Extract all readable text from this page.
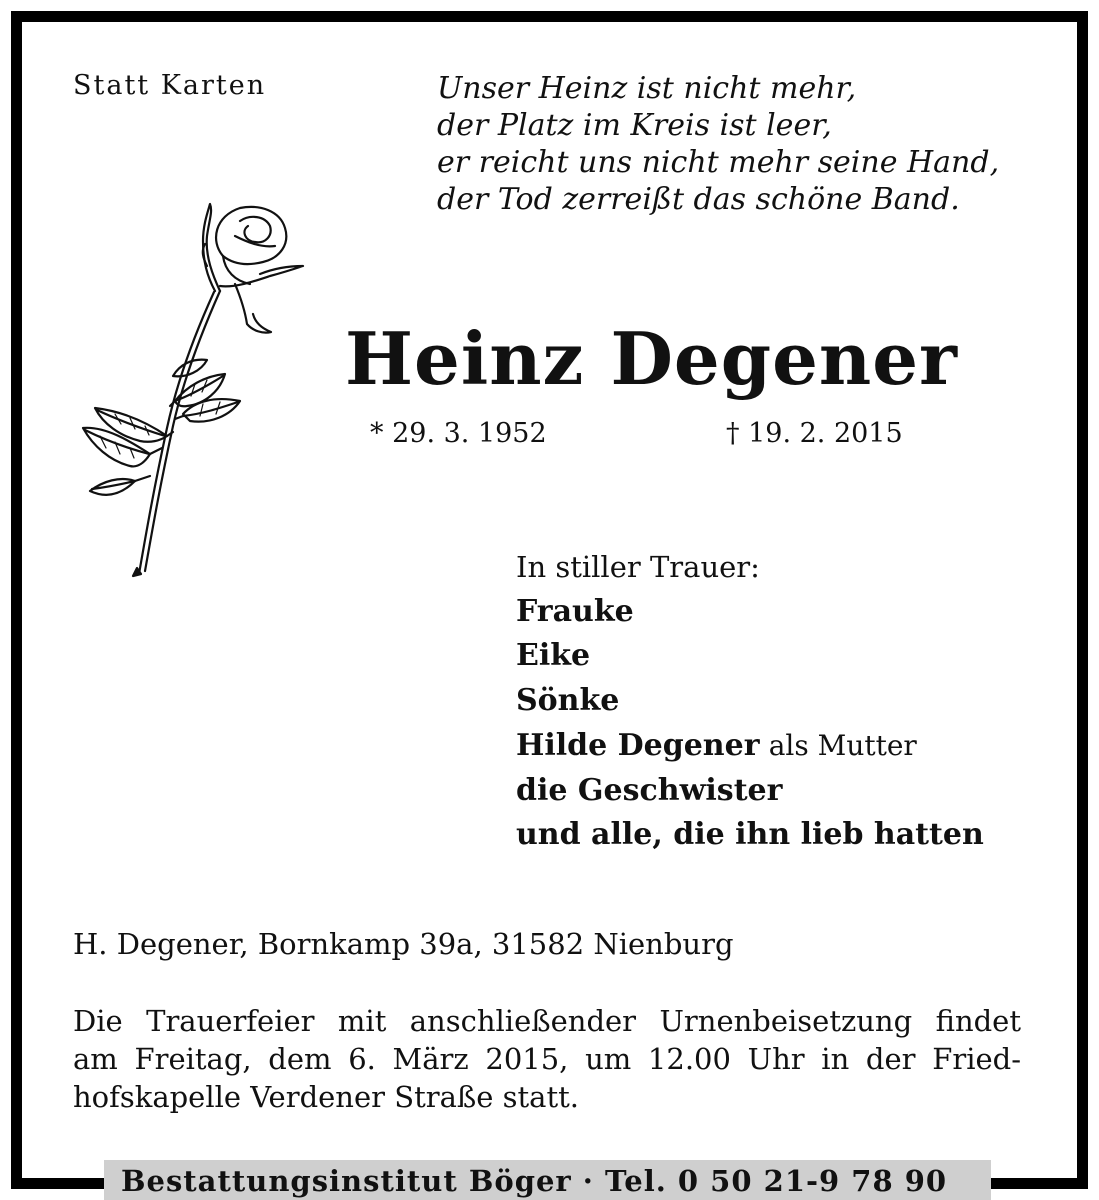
Statt Karten	Unser Heinz ist nicht mehr,
der Platz im Kreis ist leer,
er reicht uns nicht mehr seine Hand,
der Tod zerreißt das schöne Band.
Heinz Degener
* 29. 3. 1952	† 19. 2. 2015
In stiller Trauer:
Frauke
Eike
Sönke
Hilde Degener als Mutter
die Geschwister
und alle, die ihn lieb hatten
H. Degener, Bornkamp 39a, 31582 Nienburg
Die Trauerfeier mit anschließender Urnenbeisetzung findet
am Freitag, dem 6. März 2015, um 12.00 Uhr in der Fried-
hofskapelle Verdener Straße statt.
Bestattungsinstitut Böger · Tel. 0 50 21-9 78 90
